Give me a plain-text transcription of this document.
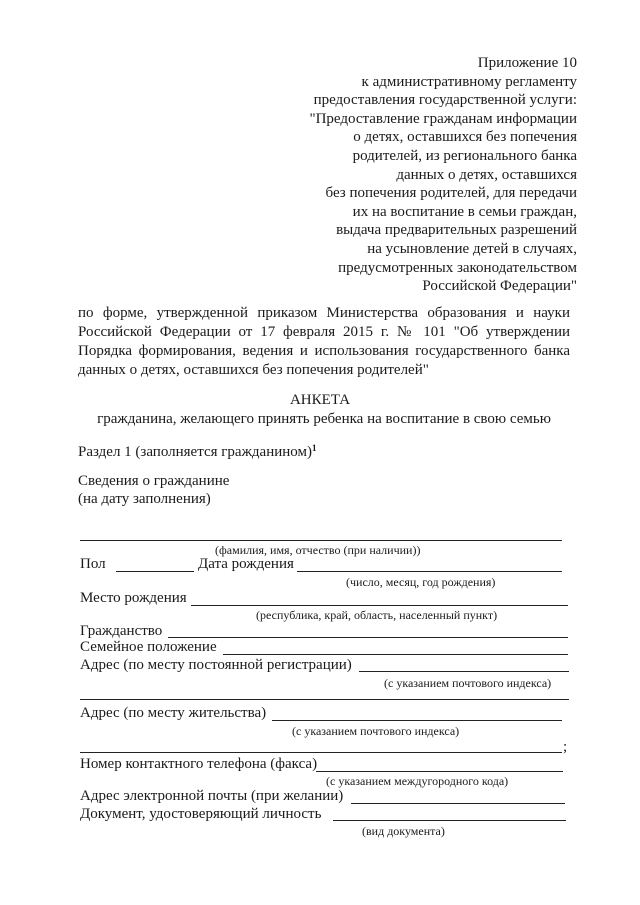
Приложение 10
к административному регламенту
предоставления государственной услуги:
"Предоставление гражданам информации
о детях, оставшихся без попечения
родителей, из регионального банка
данных о детях, оставшихся
без попечения родителей, для передачи
их на воспитание в семьи граждан,
выдача предварительных разрешений
на усыновление детей в случаях,
предусмотренных законодательством
Российской Федерации"
по форме, утвержденной приказом Министерства образования и науки
Российской Федерации от 17 февраля 2015 г. № 101 "Об утверждении
Порядка формирования, ведения и использования государственного банка
данных о детях, оставшихся без попечения родителей"
АНКЕТА
гражданина, желающего принять ребенка на воспитание в свою семью
Раздел 1 (заполняется гражданином)$^1$
Сведения о гражданине
(на дату заполнения)
(фамилия, имя, отчество (при наличии))
Пол	Дата рождения
(число, месяц, год рождения)
Место рождения
(республика, край, область, населенный пункт)
Гражданство
Семейное положение
Адрес (по месту постоянной регистрации)
(с указанием почтового индекса)
Адрес (по месту жительства)
(с указанием почтового индекса)
;
Номер контактного телефона (факса)
(с указанием междугородного кода)
Адрес электронной почты (при желании)
Документ, удостоверяющий личность
(вид документа)
